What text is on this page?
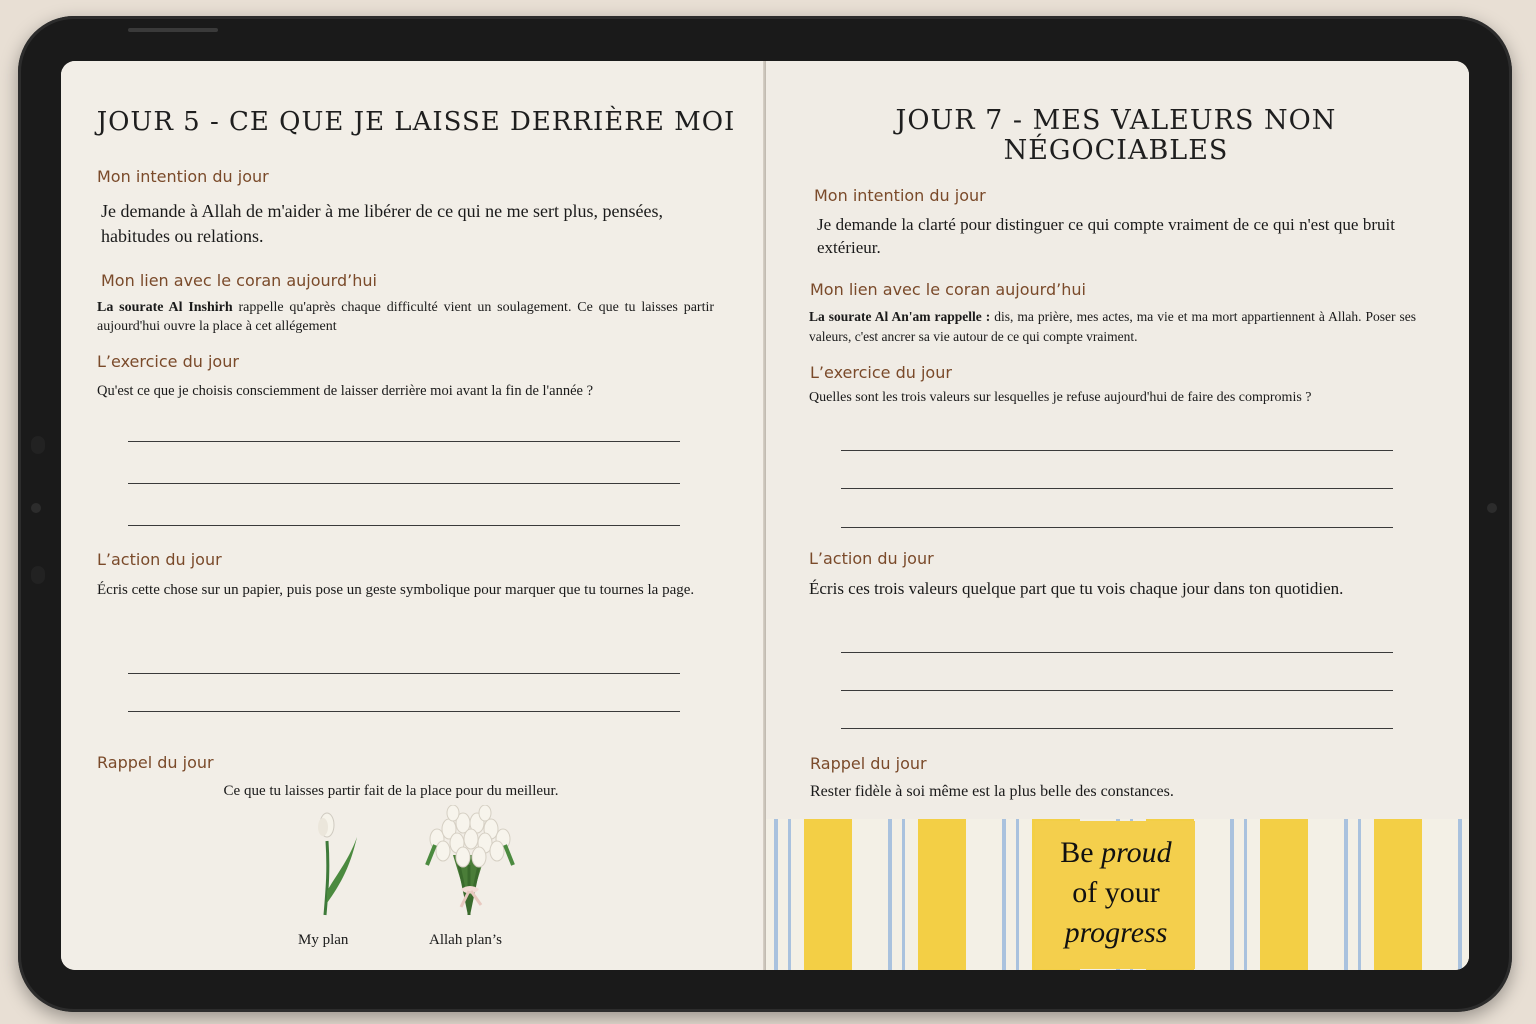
JOUR 5 - CE QUE JE LAISSE DERRIÈRE MOI

Mon intention du jour

Je demande à Allah de m'aider à me libérer de ce qui ne me sert plus, pensées, habitudes ou relations.

Mon lien avec le coran aujourd’hui

La sourate Al Inshirh rappelle qu'après chaque difficulté vient un soulagement. Ce que tu laisses partir aujourd'hui ouvre la place à cet allégement

L’exercice du jour

Qu'est ce que je choisis consciemment de laisser derrière moi avant la fin de l'année ?

L’action du jour

Écris cette chose sur un papier, puis pose un geste symbolique pour marquer que tu tournes la page.

Rappel du jour

Ce que tu laisses partir fait de la place pour du meilleur.

My plan	Allah plan’s
JOUR 7 - MES VALEURS NON
NÉGOCIABLES

Mon intention du jour

Je demande la clarté pour distinguer ce qui compte vraiment de ce qui n'est que bruit extérieur.

Mon lien avec le coran aujourd’hui

La sourate Al An'am rappelle : dis, ma prière, mes actes, ma vie et ma mort appartiennent à Allah. Poser ses valeurs, c'est ancrer sa vie autour de ce qui compte vraiment.

L’exercice du jour

Quelles sont les trois valeurs sur lesquelles je refuse aujourd'hui de faire des compromis ?

L’action du jour

Écris ces trois valeurs quelque part que tu vois chaque jour dans ton quotidien.

Rappel du jour

Rester fidèle à soi même est la plus belle des constances.

Be proud
of your
progress
